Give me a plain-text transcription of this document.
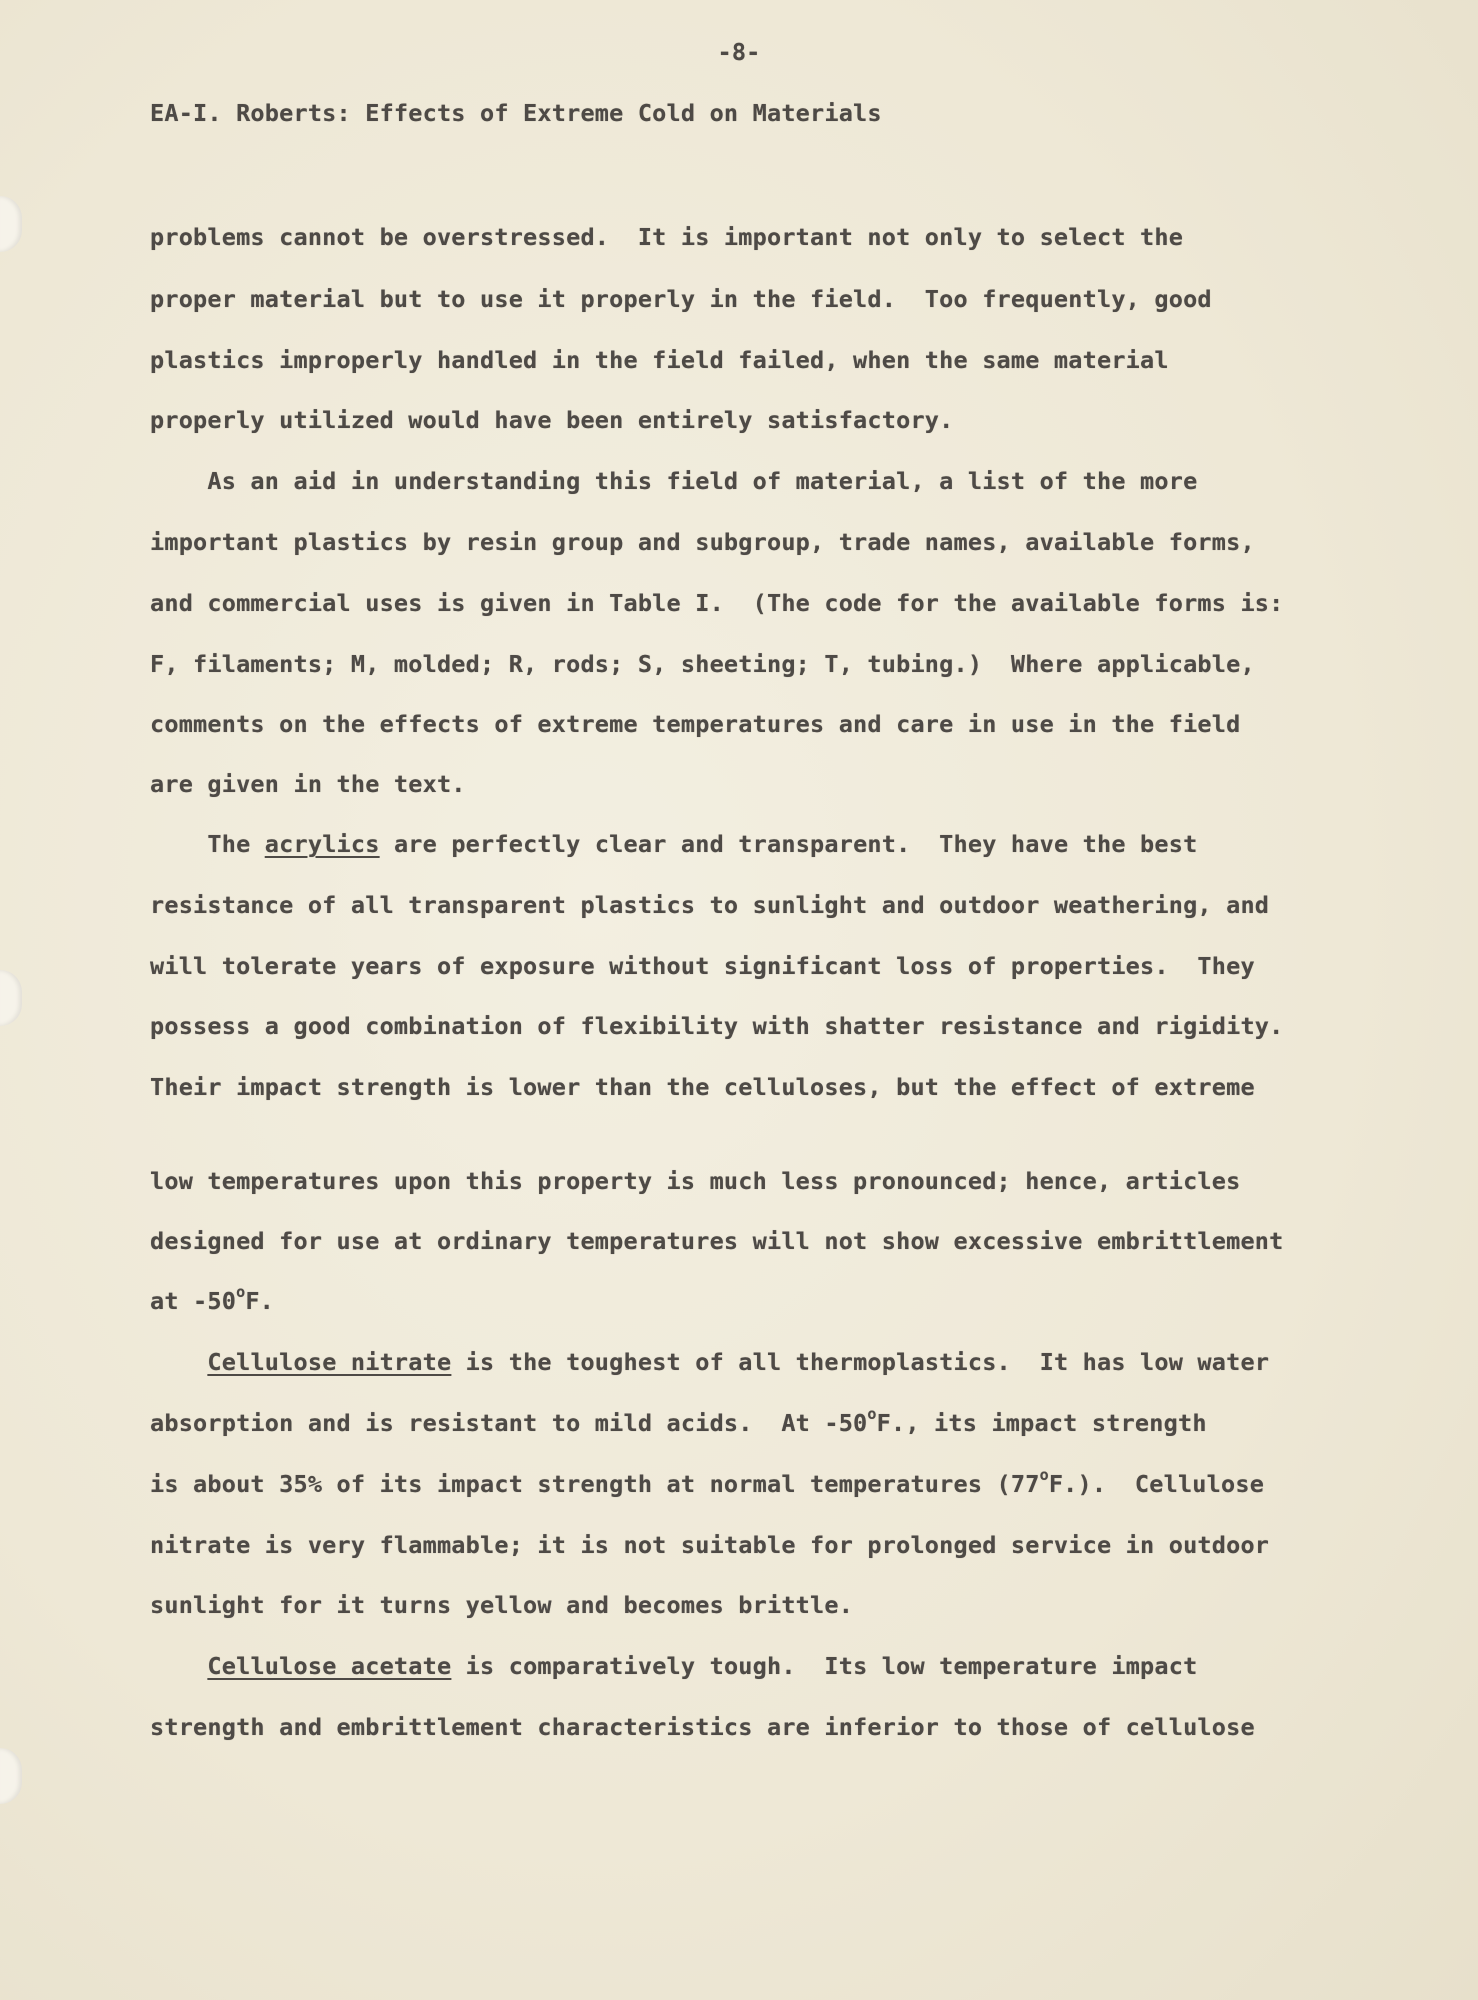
-8-
EA-I. Roberts: Effects of Extreme Cold on Materials
problems cannot be overstressed.  It is important not only to select the
proper material but to use it properly in the field.  Too frequently, good
plastics improperly handled in the field failed, when the same material
properly utilized would have been entirely satisfactory.
As an aid in understanding this field of material, a list of the more
important plastics by resin group and subgroup, trade names, available forms,
and commercial uses is given in Table I.  (The code for the available forms is:
F, filaments; M, molded; R, rods; S, sheeting; T, tubing.)  Where applicable,
comments on the effects of extreme temperatures and care in use in the field
are given in the text.
The acrylics are perfectly clear and transparent.  They have the best
resistance of all transparent plastics to sunlight and outdoor weathering, and
will tolerate years of exposure without significant loss of properties.  They
possess a good combination of flexibility with shatter resistance and rigidity.
Their impact strength is lower than the celluloses, but the effect of extreme
low temperatures upon this property is much less pronounced; hence, articles
designed for use at ordinary temperatures will not show excessive embrittlement
at -50$^o$F.
Cellulose nitrate is the toughest of all thermoplastics.  It has low water
absorption and is resistant to mild acids.  At -50$^o$F., its impact strength
is about 35% of its impact strength at normal temperatures (77$^o$F.).  Cellulose
nitrate is very flammable; it is not suitable for prolonged service in outdoor
sunlight for it turns yellow and becomes brittle.
Cellulose acetate is comparatively tough.  Its low temperature impact
strength and embrittlement characteristics are inferior to those of cellulose
